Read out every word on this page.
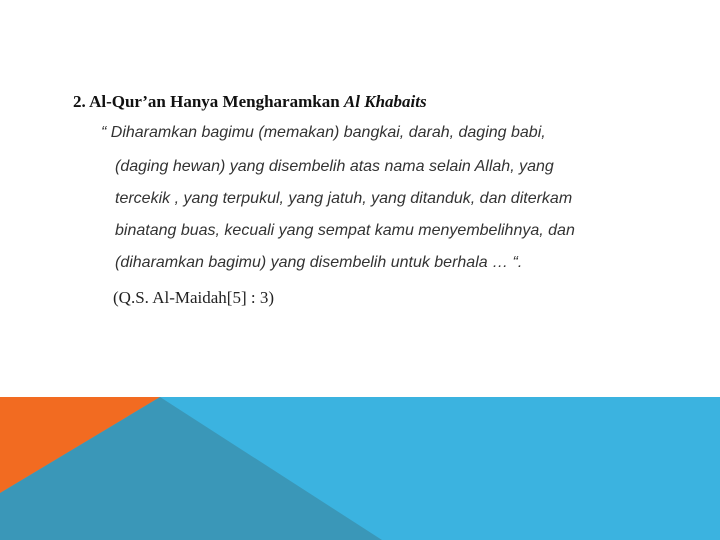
2. Al-Qur’an Hanya Mengharamkan Al Khabaits
“ Diharamkan bagimu (memakan) bangkai, darah, daging babi,
(daging hewan) yang disembelih atas nama selain Allah, yang
tercekik , yang terpukul, yang jatuh, yang ditanduk, dan diterkam
binatang buas, kecuali yang sempat kamu menyembelihnya, dan
(diharamkan bagimu) yang disembelih untuk berhala … “.
(Q.S. Al-Maidah[5] : 3)
